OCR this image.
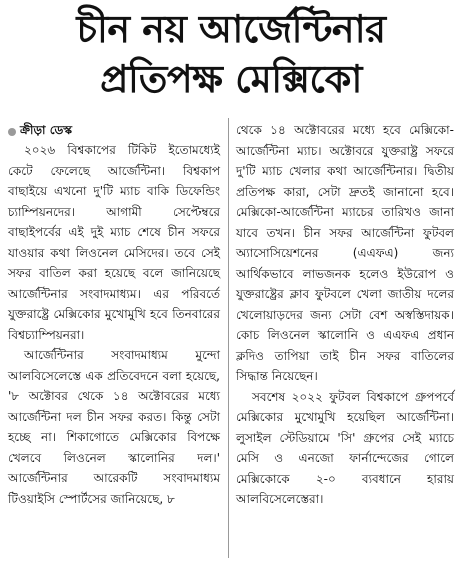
চীন নয় আর্জেন্টিনার
প্রতিপক্ষ মেক্সিকো
ক্রীড়া ডেস্ক

২০২৬ বিশ্বকাপের টিকিট ইতোমধ্যেই কেটে ফেলেছে আর্জেন্টিনা। বিশ্বকাপ বাছাইয়ে এখনো দু'টি ম্যাচ বাকি ডিফেন্ডিং চ্যাম্পিয়নদের। আগামী সেপ্টেম্বরে বাছাইপর্বের এই দুই ম্যাচ শেষে চীন সফরে যাওয়ার কথা লিওনেল মেসিদের। তবে সেই সফর বাতিল করা হয়েছে বলে জানিয়েছে আর্জেন্টিনার সংবাদমাধ্যম। এর পরিবর্তে যুক্তরাষ্ট্রে মেক্সিকোর মুখোমুখি হবে তিনবারের বিশ্বচ্যাম্পিয়নরা।

আর্জেন্টিনার সংবাদমাধ্যম মুন্দো আলবিসেলেস্তে এক প্রতিবেদনে বলা হয়েছে, '৮ অক্টোবর থেকে ১৪ অক্টোবরের মধ্যে আর্জেন্টিনা দল চীন সফর করত। কিন্তু সেটা হচ্ছে না। শিকাগোতে মেক্সিকোর বিপক্ষে খেলবে লিওনেল স্কালোনির দল।' আর্জেন্টিনার আরেকটি সংবাদমাধ্যম টিওয়াইসি স্পোর্টসের জানিয়েছে, ৮

থেকে ১৪ অক্টোবরের মধ্যে হবে মেক্সিকো-আর্জেন্টিনা ম্যাচ। অক্টোবরে যুক্তরাষ্ট্র সফরে দু'টি ম্যাচ খেলার কথা আর্জেন্টিনার। দ্বিতীয় প্রতিপক্ষ কারা, সেটা দ্রুতই জানানো হবে। মেক্সিকো-আর্জেন্টিনা ম্যাচের তারিখও জানা যাবে তখন। চীন সফর আর্জেন্টিনা ফুটবল অ্যাসোসিয়েশনের (এএফএ) জন্য আর্থিকভাবে লাভজনক হলেও ইউরোপ ও যুক্তরাষ্ট্রের ক্লাব ফুটবলে খেলা জাতীয় দলের খেলোয়াড়দের জন্য সেটা বেশ অস্বস্তিদায়ক। কোচ লিওনেল স্কালোনি ও এএফএ প্রধান ক্লদিও তাপিয়া তাই চীন সফর বাতিলের সিদ্ধান্ত নিয়েছেন।

সবশেষ ২০২২ ফুটবল বিশ্বকাপে গ্রুপপর্বে মেক্সিকোর মুখোমুখি হয়েছিল আর্জেন্টিনা। লুসাইল স্টেডিয়ামে 'সি' গ্রুপের সেই ম্যাচে মেসি ও এনজো ফার্নান্দেজের গোলে মেক্সিকোকে ২-০ ব্যবধানে হারায় আলবিসেলেস্তেরা।
